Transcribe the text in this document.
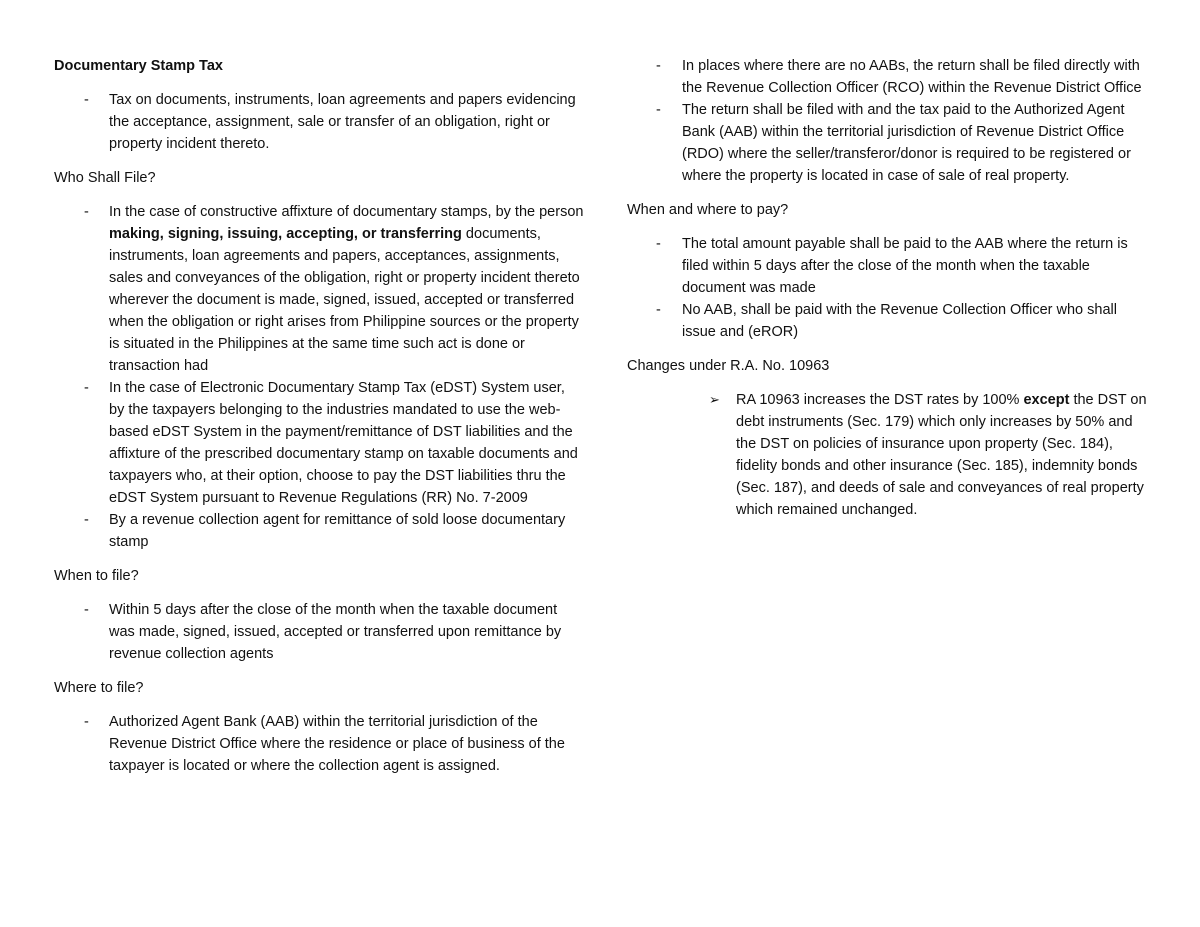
Documentary Stamp Tax

- Tax on documents, instruments, loan agreements and papers evidencing the acceptance, assignment, sale or transfer of an obligation, right or property incident thereto.

Who Shall File?

- In the case of constructive affixture of documentary stamps, by the person making, signing, issuing, accepting, or transferring documents, instruments, loan agreements and papers, acceptances, assignments, sales and conveyances of the obligation, right or property incident thereto wherever the document is made, signed, issued, accepted or transferred when the obligation or right arises from Philippine sources or the property is situated in the Philippines at the same time such act is done or transaction had
- In the case of Electronic Documentary Stamp Tax (eDST) System user, by the taxpayers belonging to the industries mandated to use the web-based eDST System in the payment/remittance of DST liabilities and the affixture of the prescribed documentary stamp on taxable documents and taxpayers who, at their option, choose to pay the DST liabilities thru the eDST System pursuant to Revenue Regulations (RR) No. 7-2009
- By a revenue collection agent for remittance of sold loose documentary stamp

When to file?

- Within 5 days after the close of the month when the taxable document was made, signed, issued, accepted or transferred upon remittance by revenue collection agents

Where to file?

- Authorized Agent Bank (AAB) within the territorial jurisdiction of the Revenue District Office where the residence or place of business of the taxpayer is located or where the collection agent is assigned.
- In places where there are no AABs, the return shall be filed directly with the Revenue Collection Officer (RCO) within the Revenue District Office
- The return shall be filed with and the tax paid to the Authorized Agent Bank (AAB) within the territorial jurisdiction of Revenue District Office (RDO) where the seller/transferor/donor is required to be registered or where the property is located in case of sale of real property.

When and where to pay?

- The total amount payable shall be paid to the AAB where the return is filed within 5 days after the close of the month when the taxable document was made
- No AAB, shall be paid with the Revenue Collection Officer who shall issue and (eROR)

Changes under R.A. No. 10963

➢ RA 10963 increases the DST rates by 100% except the DST on debt instruments (Sec. 179) which only increases by 50% and the DST on policies of insurance upon property (Sec. 184), fidelity bonds and other insurance (Sec. 185), indemnity bonds (Sec. 187), and deeds of sale and conveyances of real property which remained unchanged.
